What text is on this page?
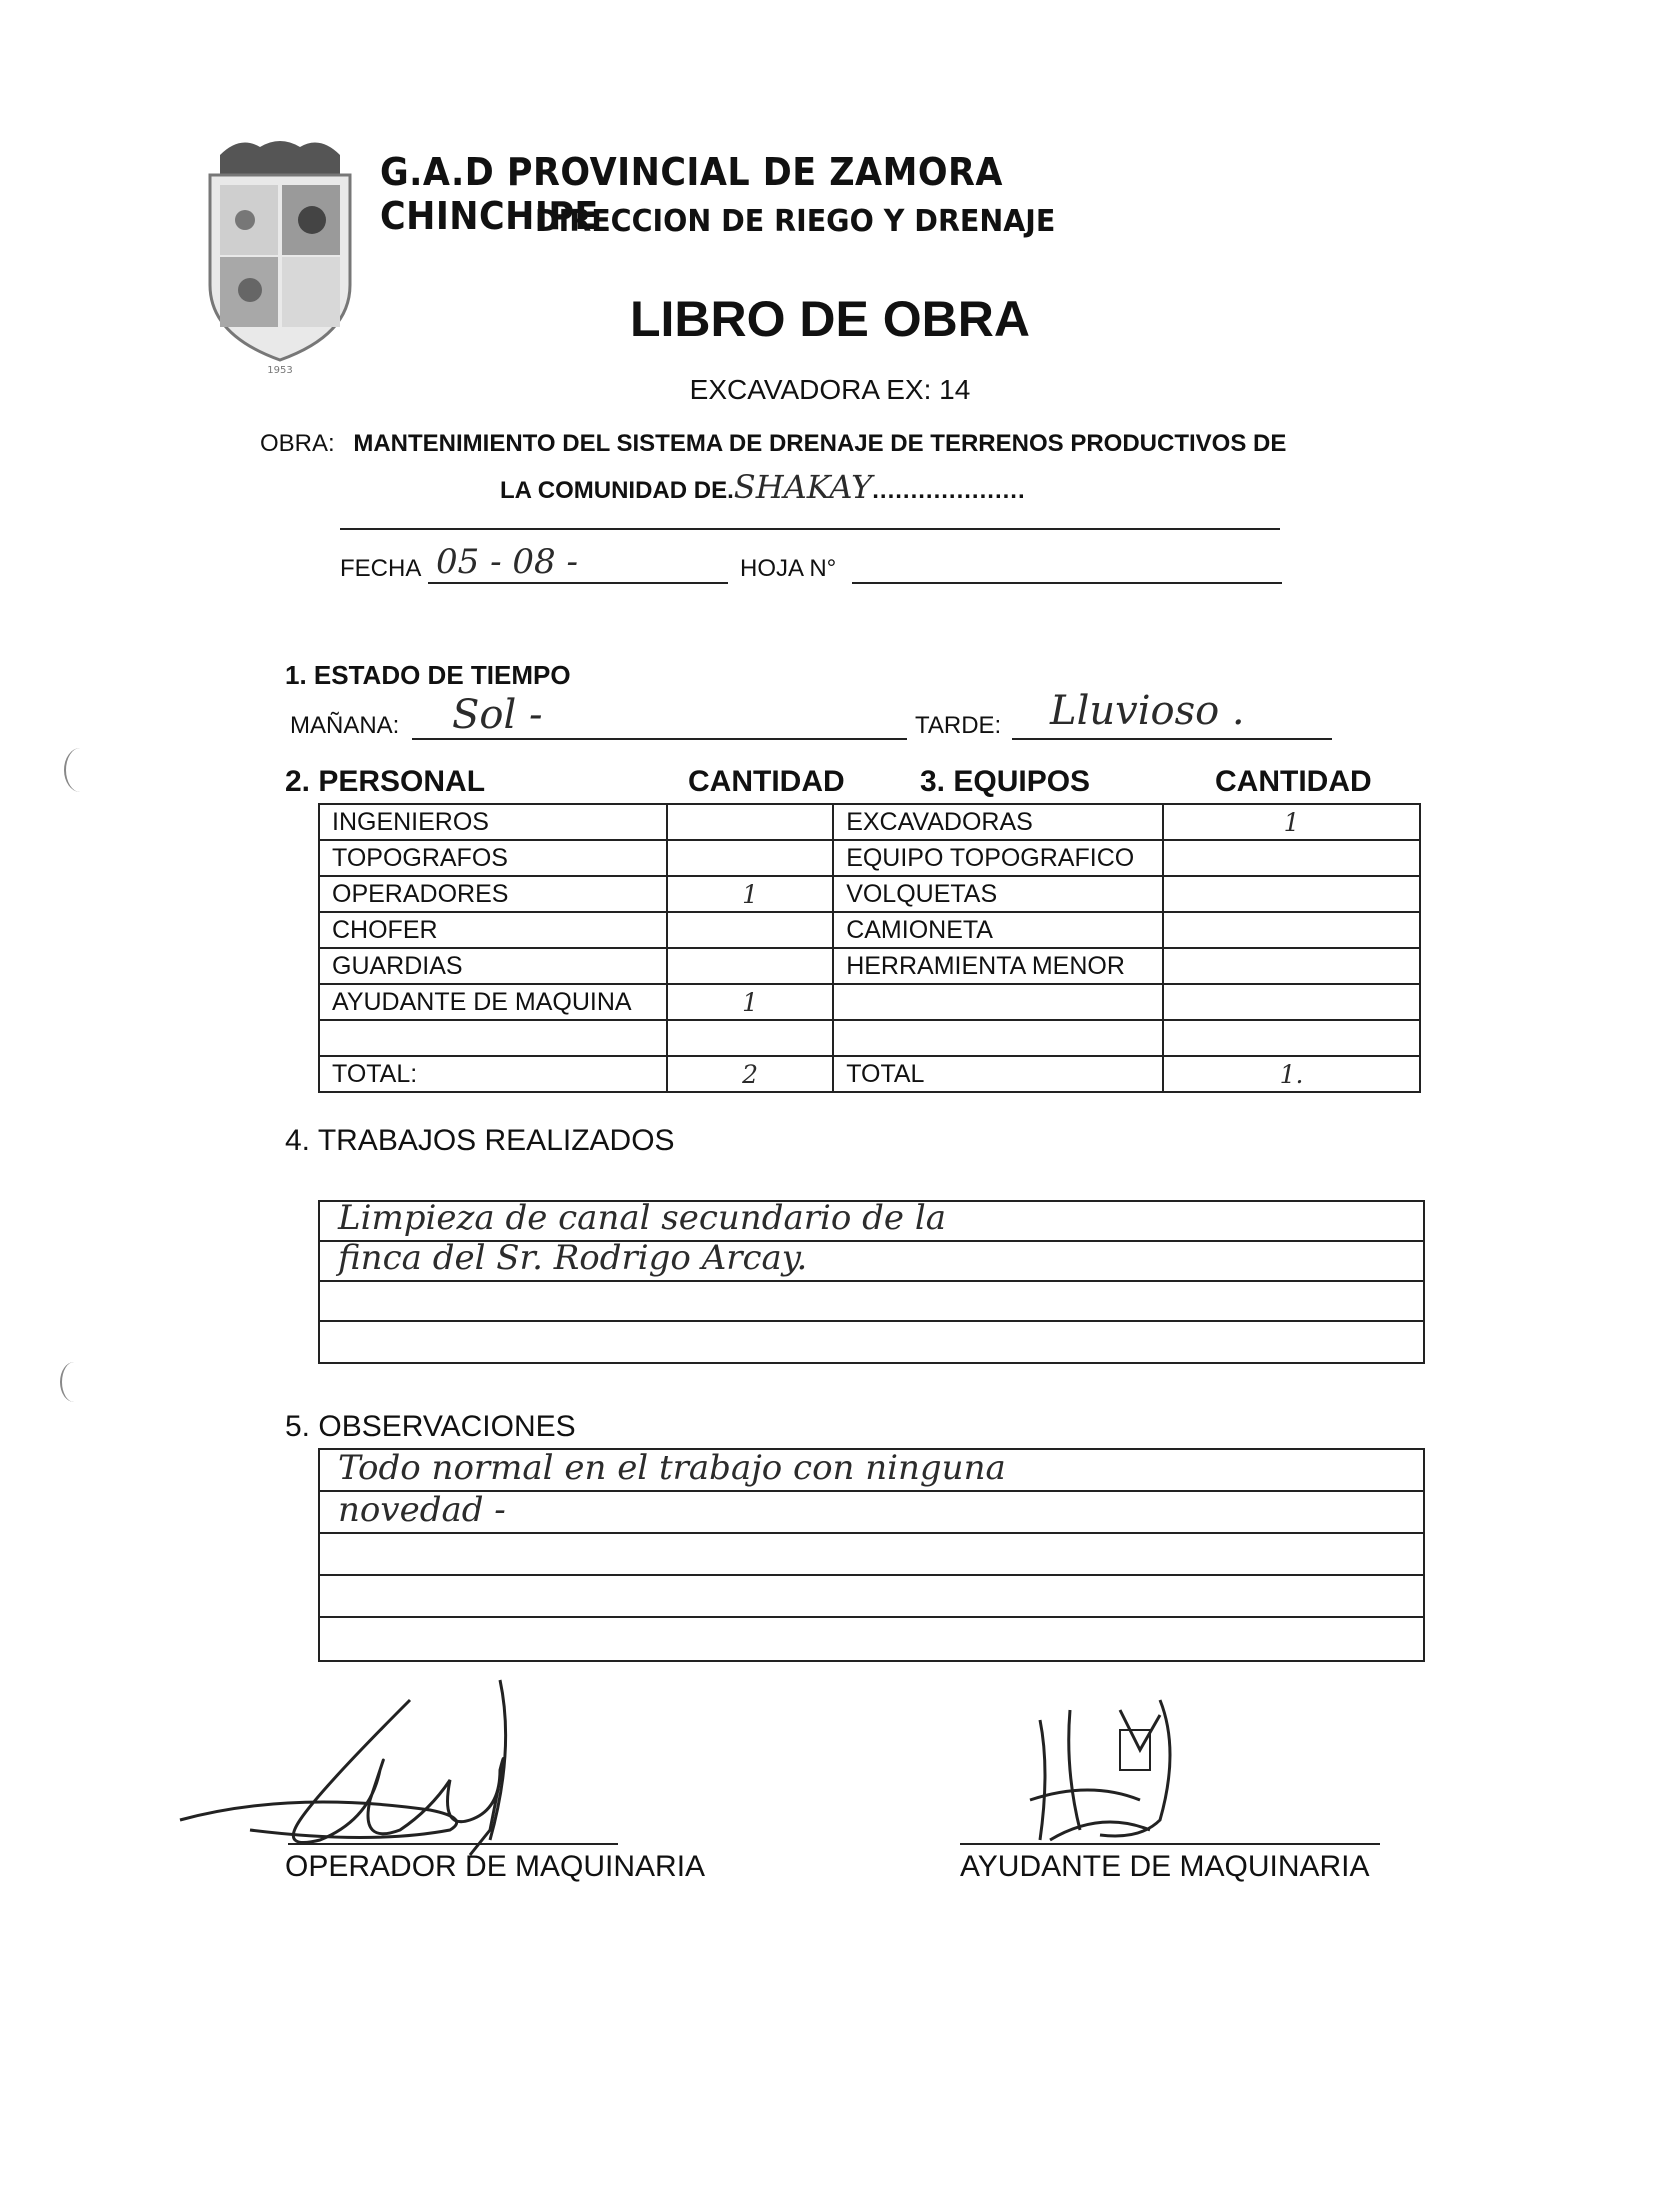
1953
G.A.D PROVINCIAL DE ZAMORA CHINCHIPE
DIRECCION DE RIEGO Y DRENAJE
LIBRO DE OBRA
EXCAVADORA EX: 14
OBRA: MANTENIMIENTO DEL SISTEMA DE DRENAJE DE TERRENOS PRODUCTIVOS DE
LA COMUNIDAD DE.SHAKAY....................
FECHA 05 - 08 -	HOJA N°
1. ESTADO DE TIEMPO
MAÑANA: Sol -	TARDE: Lluvioso .
2. PERSONAL	CANTIDAD	3. EQUIPOS	CANTIDAD
INGENIEROS		EXCAVADORAS	1
TOPOGRAFOS		EQUIPO TOPOGRAFICO	
OPERADORES	1	VOLQUETAS	
CHOFER		CAMIONETA	
GUARDIAS		HERRAMIENTA MENOR	
AYUDANTE DE MAQUINA	1		

TOTAL:	2	TOTAL	1.
4. TRABAJOS REALIZADOS
Limpieza de canal secundario de la
finca del Sr. Rodrigo Arcay.
5. OBSERVACIONES
Todo normal en el trabajo con ninguna
novedad -
OPERADOR DE MAQUINARIA	AYUDANTE DE MAQUINARIA
